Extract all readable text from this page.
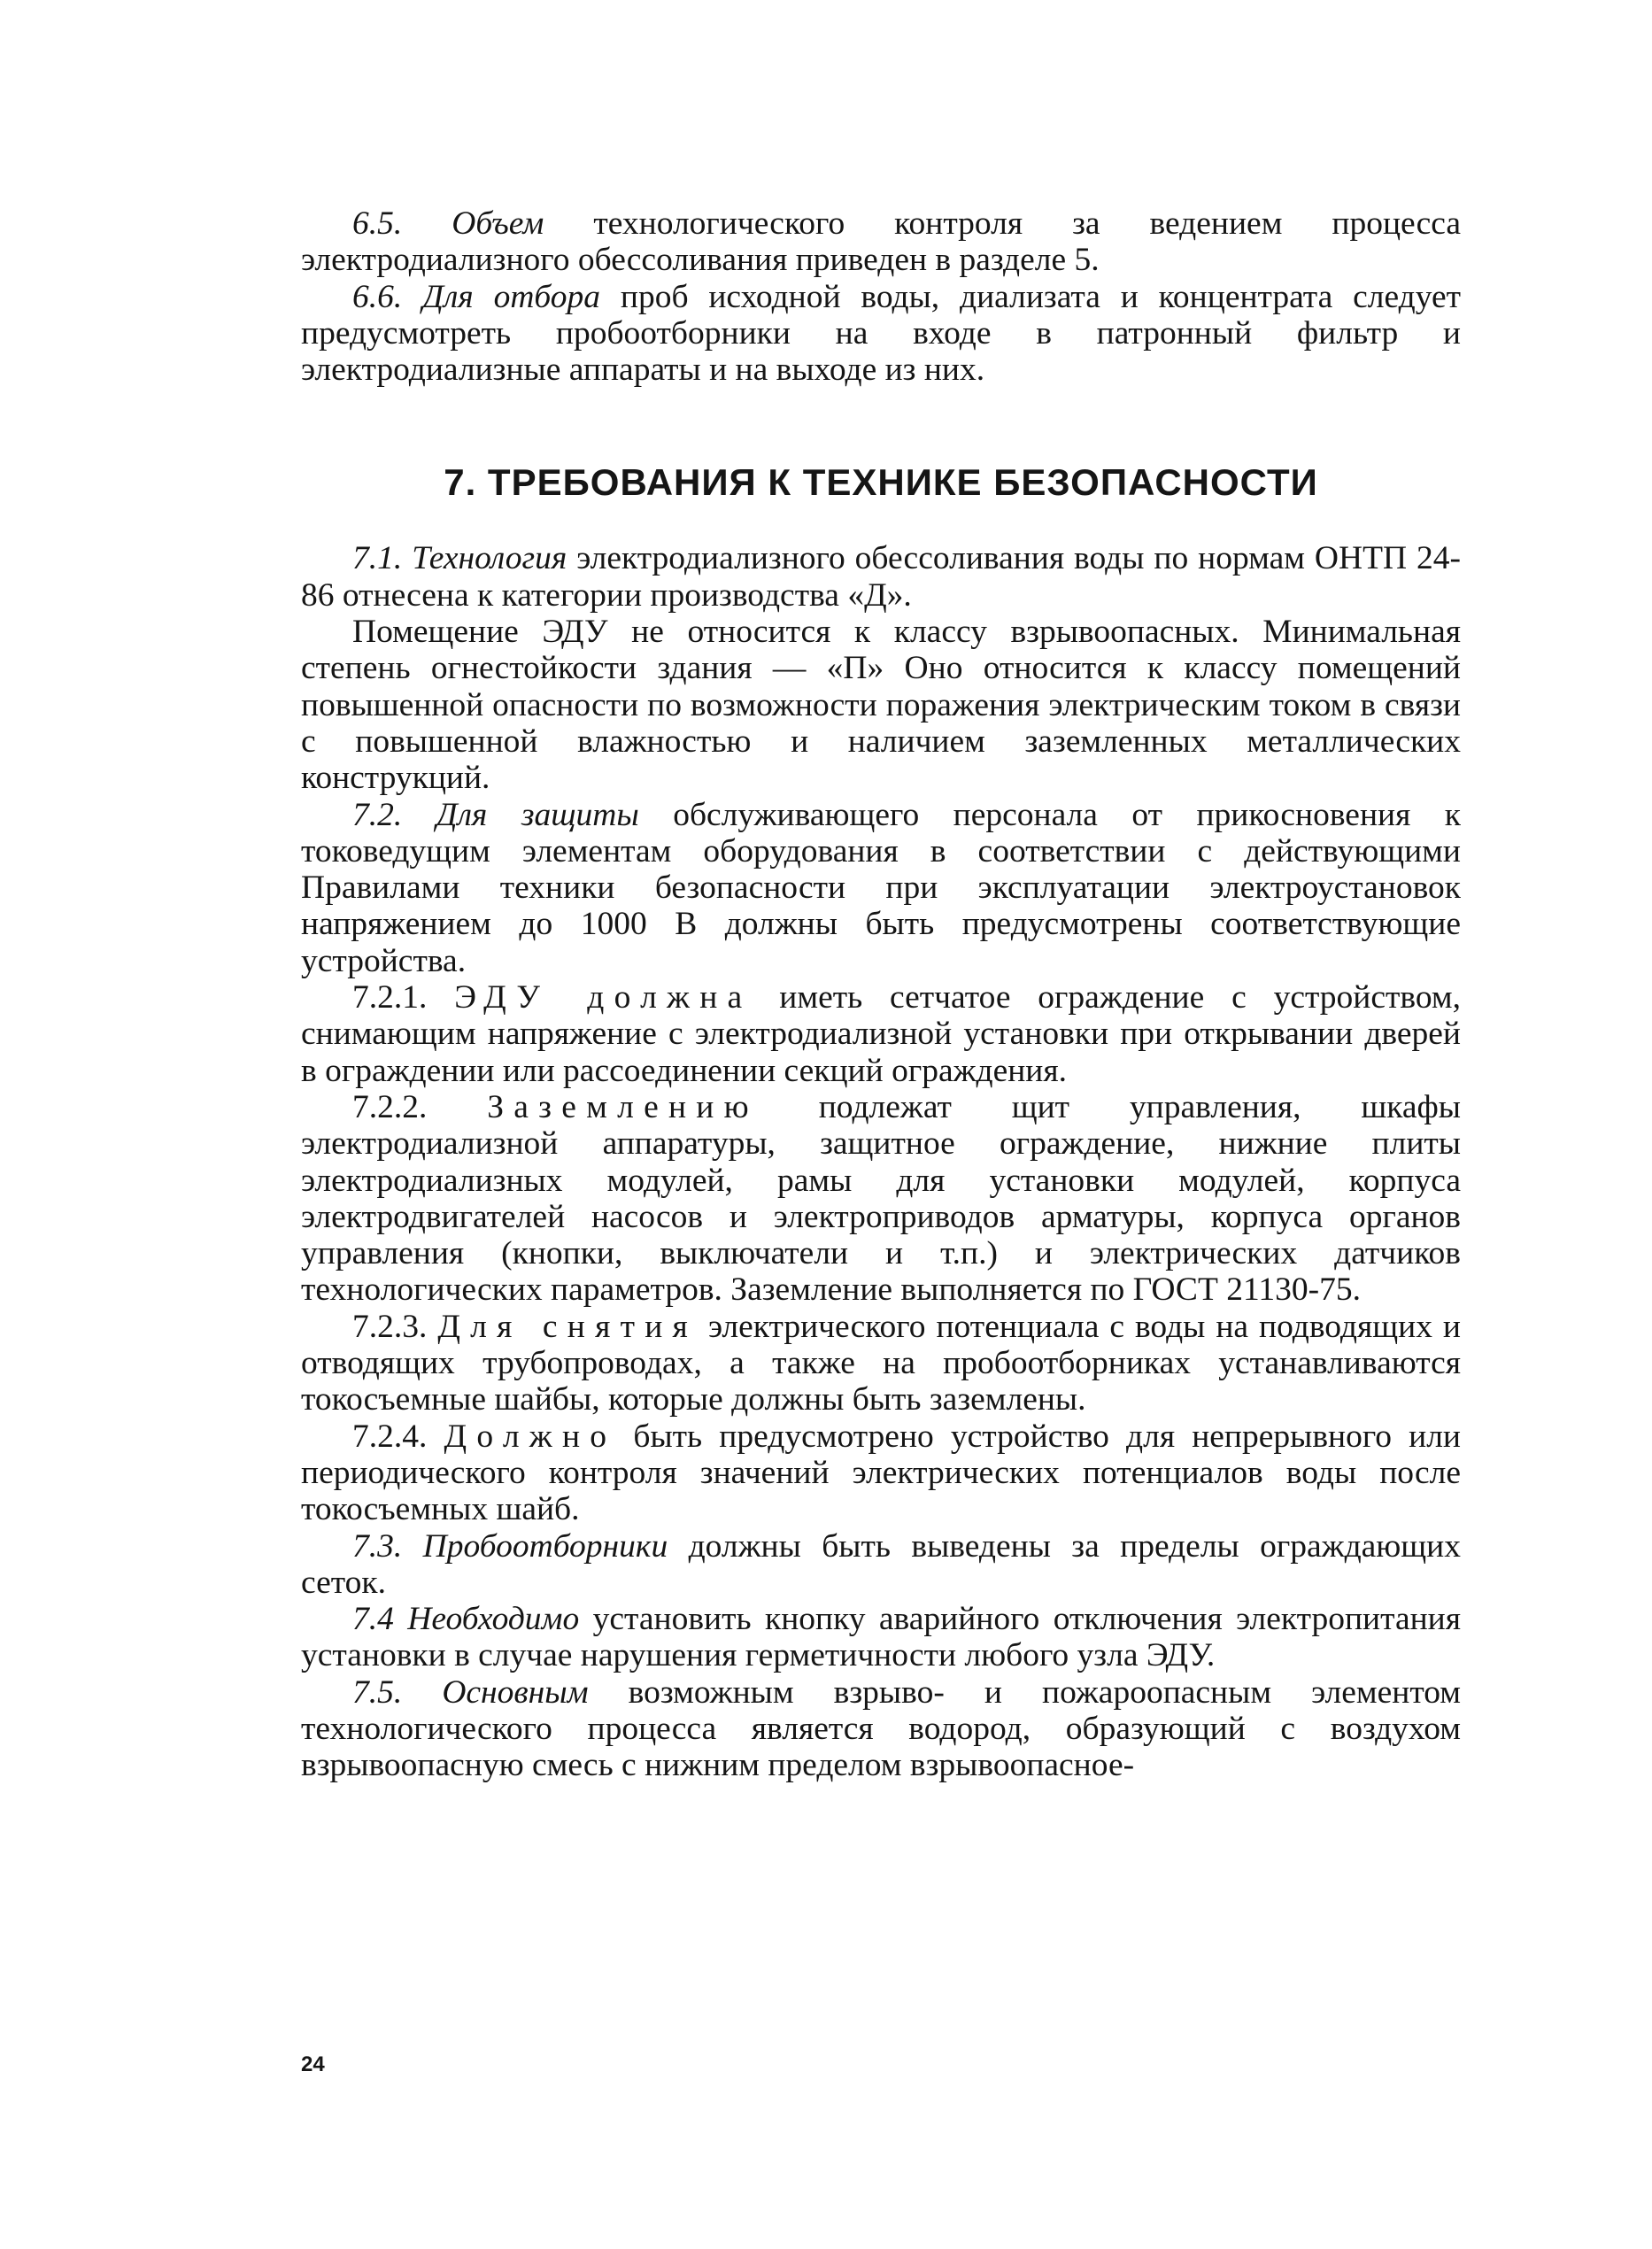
6.5. Объем технологического контроля за ведением процесса электродиализного обессоливания приведен в разделе 5.

6.6. Для отбора проб исходной воды, диализата и концентрата следует предусмотреть пробоотборники на входе в патронный фильтр и электродиализные аппараты и на выходе из них.

7. ТРЕБОВАНИЯ К ТЕХНИКЕ БЕЗОПАСНОСТИ

7.1. Технология электродиализного обессоливания воды по нормам ОНТП 24-86 отнесена к категории производства «Д».

Помещение ЭДУ не относится к классу взрывоопасных. Минимальная степень огнестойкости здания — «П» Оно относится к классу помещений повышенной опасности по возможности поражения электрическим током в связи с повышенной влажностью и наличием заземленных металлических конструкций.

7.2. Для защиты обслуживающего персонала от прикосновения к токоведущим элементам оборудования в соответствии с действующими Правилами техники безопасности при эксплуатации электроустановок напряжением до 1000 В должны быть предусмотрены соответствующие устройства.

7.2.1. ЭДУ должна иметь сетчатое ограждение с устройством, снимающим напряжение с электродиализной установки при открывании дверей в ограждении или рассоединении секций ограждения.

7.2.2. Заземлению подлежат щит управления, шкафы электродиализной аппаратуры, защитное ограждение, нижние плиты электродиализных модулей, рамы для установки модулей, корпуса электродвигателей насосов и электроприводов арматуры, корпуса органов управления (кнопки, выключатели и т.п.) и электрических датчиков технологических параметров. Заземление выполняется по ГОСТ 21130-75.

7.2.3. Для снятия электрического потенциала с воды на подводящих и отводящих трубопроводах, а также на пробоотборниках устанавливаются токосъемные шайбы, которые должны быть заземлены.

7.2.4. Должно быть предусмотрено устройство для непрерывного или периодического контроля значений электрических потенциалов воды после токосъемных шайб.

7.3. Пробоотборники должны быть выведены за пределы ограждающих сеток.

7.4 Необходимо установить кнопку аварийного отключения электропитания установки в случае нарушения герметичности любого узла ЭДУ.

7.5. Основным возможным взрыво- и пожароопасным элементом технологического процесса является водород, образующий с воздухом взрывоопасную смесь с нижним пределом взрывоопасное-

24
